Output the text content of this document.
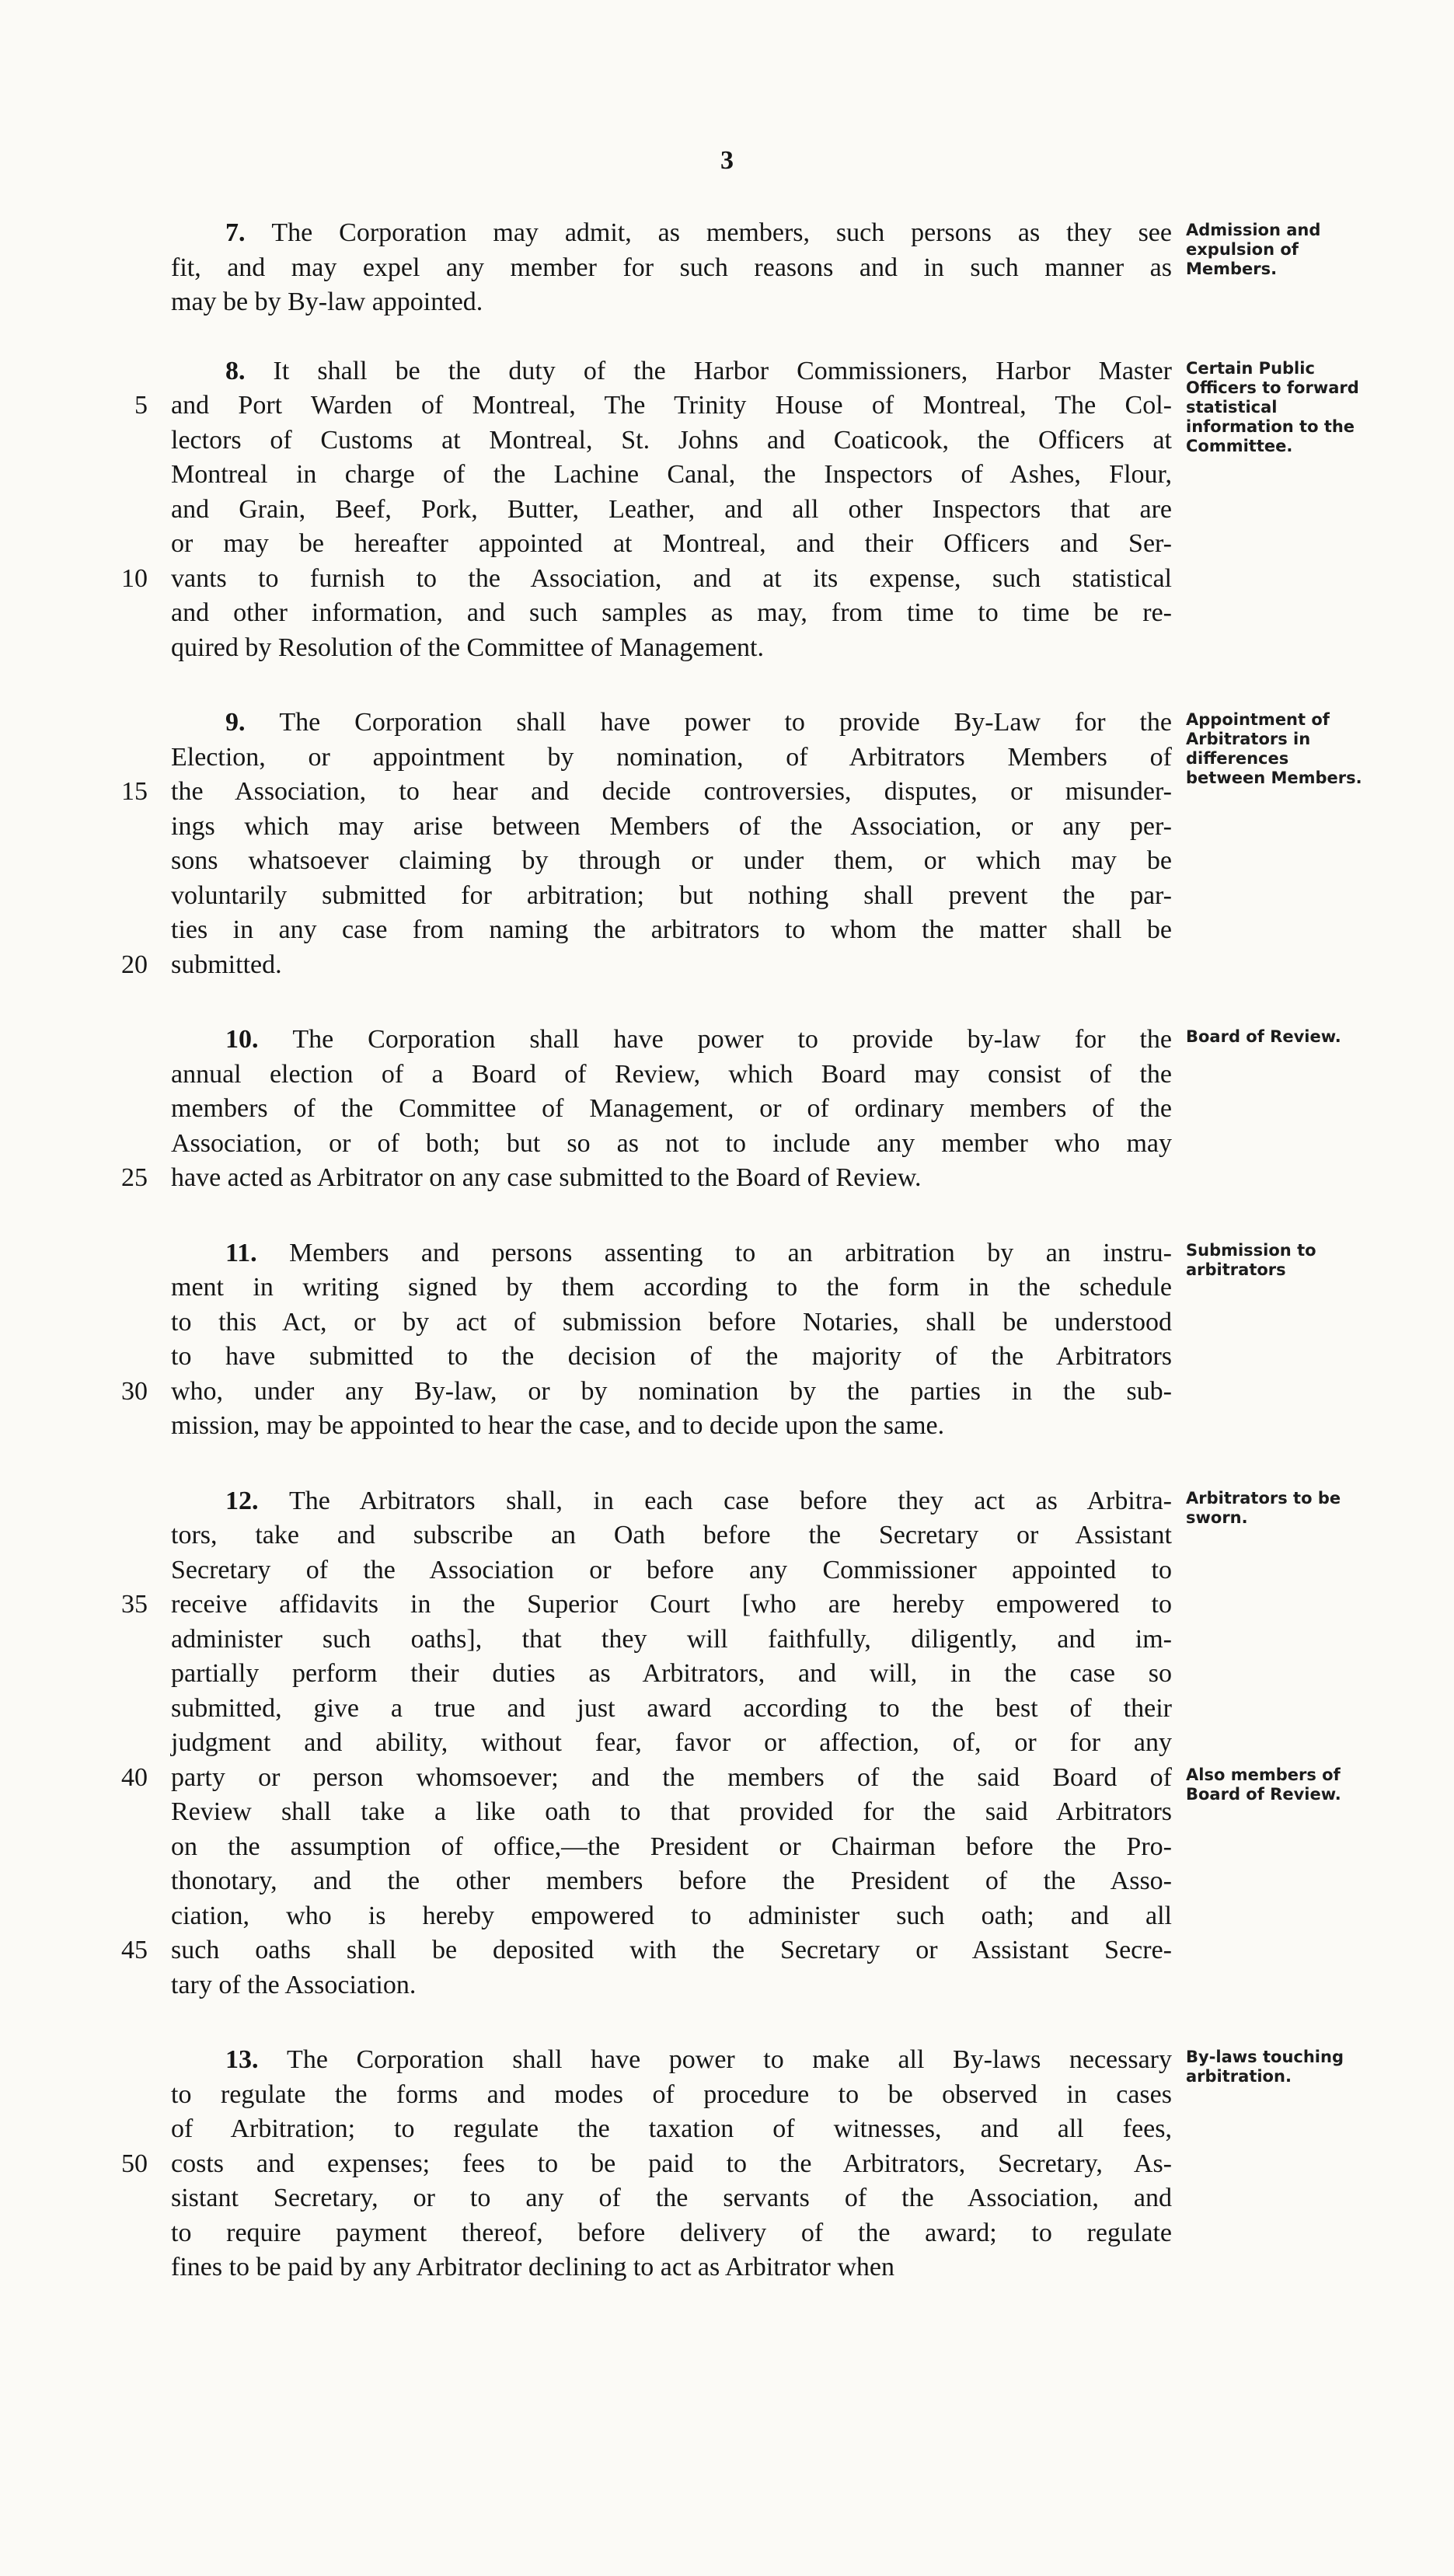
3

7. The Corporation may admit, as members, such persons as they see
fit, and may expel any member for such reasons and in such manner as
may be by By-law appointed.

Admission and expulsion of Members.
5
10

8. It shall be the duty of the Harbor Commissioners, Harbor Master
and Port Warden of Montreal, The Trinity House of Montreal, The Col-
lectors of Customs at Montreal, St. Johns and Coaticook, the Officers at
Montreal in charge of the Lachine Canal, the Inspectors of Ashes, Flour,
and Grain, Beef, Pork, Butter, Leather, and all other Inspectors that are
or may be hereafter appointed at Montreal, and their Officers and Ser-
vants to furnish to the Association, and at its expense, such statistical
and other information, and such samples as may, from time to time be re-
quired by Resolution of the Committee of Management.

Certain Public Officers to forward statistical information to the Committee.
15
20

9. The Corporation shall have power to provide By-Law for the
Election, or appointment by nomination, of Arbitrators Members of
the Association, to hear and decide controversies, disputes, or misunder-
ings which may arise between Members of the Association, or any per-
sons whatsoever claiming by through or under them, or which may be
voluntarily submitted for arbitration; but nothing shall prevent the par-
ties in any case from naming the arbitrators to whom the matter shall be
submitted.

Appointment of Arbitrators in differences between Members.
25

10. The Corporation shall have power to provide by-law for the
annual election of a Board of Review, which Board may consist of the
members of the Committee of Management, or of ordinary members of the
Association, or of both; but so as not to include any member who may
have acted as Arbitrator on any case submitted to the Board of Review.

Board of Review.
30

11. Members and persons assenting to an arbitration by an instru-
ment in writing signed by them according to the form in the schedule
to this Act, or by act of submission before Notaries, shall be understood
to have submitted to the decision of the majority of the Arbitrators
who, under any By-law, or by nomination by the parties in the sub-
mission, may be appointed to hear the case, and to decide upon the same.

Submission to arbitrators
35
40
45

12. The Arbitrators shall, in each case before they act as Arbitra-
tors, take and subscribe an Oath before the Secretary or Assistant
Secretary of the Association or before any Commissioner appointed to
receive affidavits in the Superior Court [who are hereby empowered to
administer such oaths], that they will faithfully, diligently, and im-
partially perform their duties as Arbitrators, and will, in the case so
submitted, give a true and just award according to the best of their
judgment and ability, without fear, favor or affection, of, or for any
party or person whomsoever; and the members of the said Board of
Review shall take a like oath to that provided for the said Arbitrators
on the assumption of office,—the President or Chairman before the Pro-
thonotary, and the other members before the President of the Asso-
ciation, who is hereby empowered to administer such oath; and all
such oaths shall be deposited with the Secretary or Assistant Secre-
tary of the Association.

Arbitrators to be sworn.
Also members of Board of Review.
50

13. The Corporation shall have power to make all By-laws necessary
to regulate the forms and modes of procedure to be observed in cases
of Arbitration; to regulate the taxation of witnesses, and all fees,
costs and expenses; fees to be paid to the Arbitrators, Secretary, As-
sistant Secretary, or to any of the servants of the Association, and
to require payment thereof, before delivery of the award; to regulate
fines to be paid by any Arbitrator declining to act as Arbitrator when

By-laws touching arbitration.
